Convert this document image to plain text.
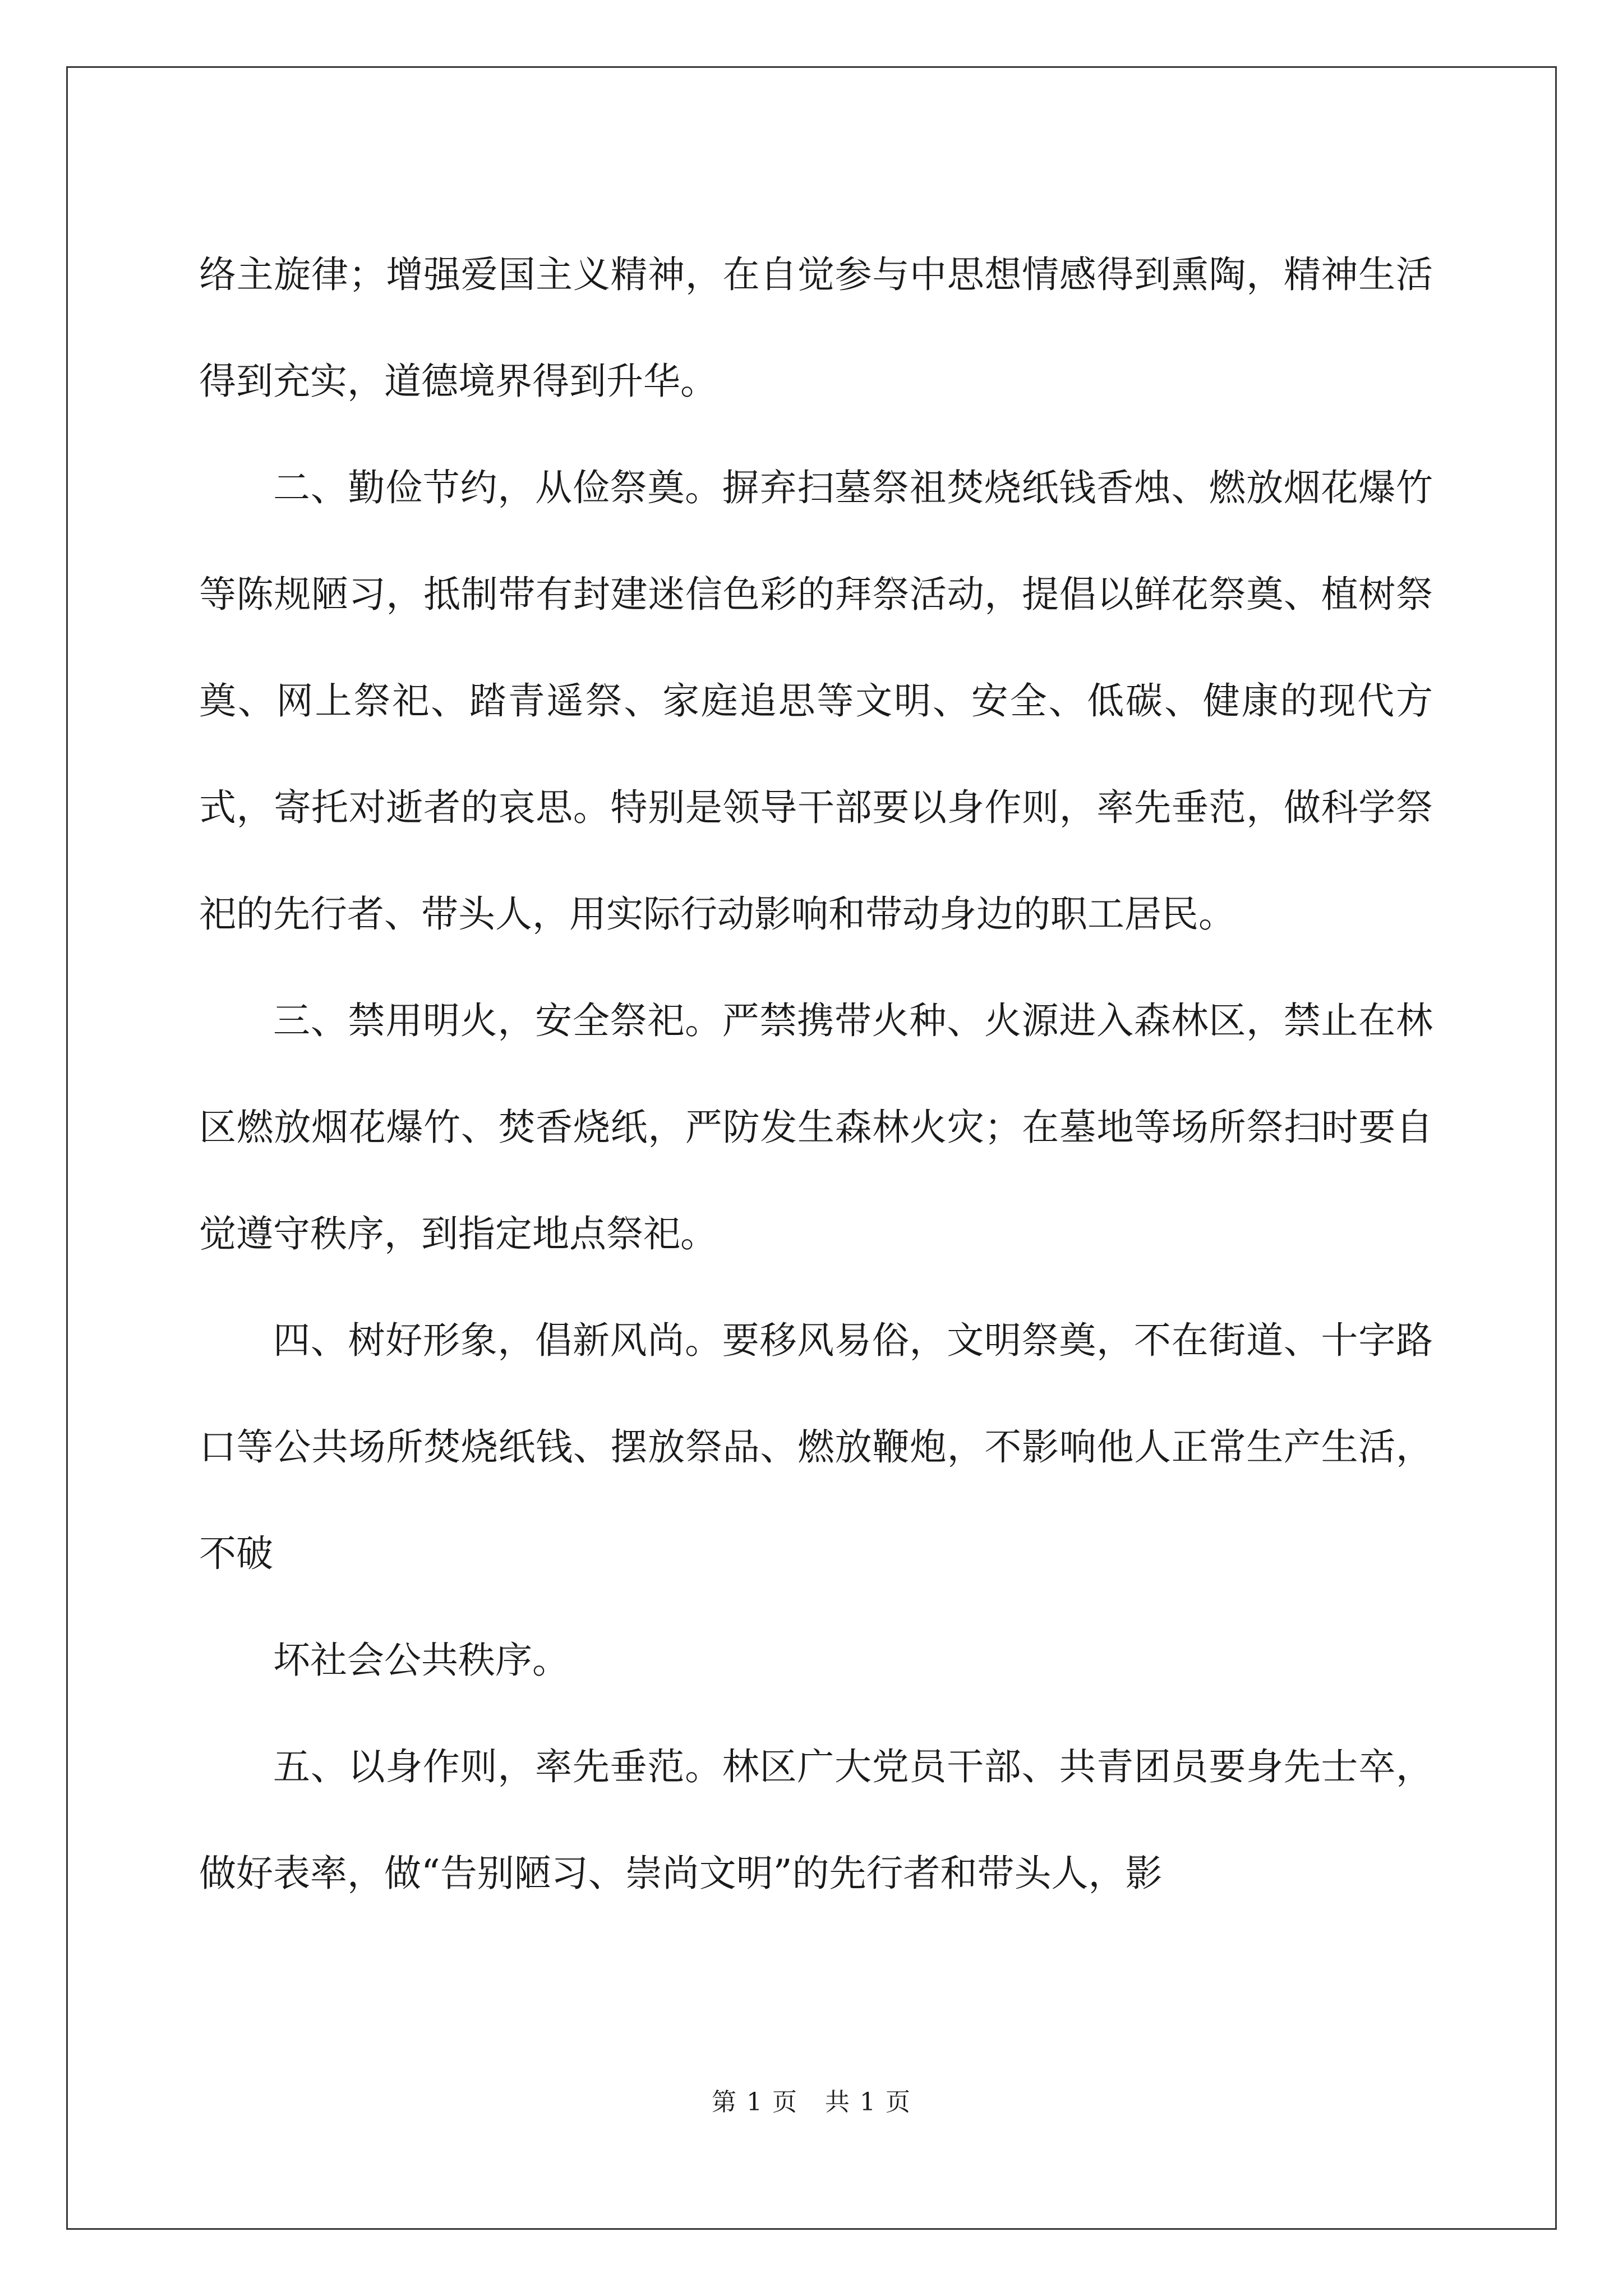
络主旋律；增强爱国主义精神，在自觉参与中思想情感得到熏陶，精神生活得到充实，道德境界得到升华。

二、勤俭节约，从俭祭奠。摒弃扫墓祭祖焚烧纸钱香烛、燃放烟花爆竹等陈规陋习，抵制带有封建迷信色彩的拜祭活动，提倡以鲜花祭奠、植树祭奠、网上祭祀、踏青遥祭、家庭追思等文明、安全、低碳、健康的现代方式，寄托对逝者的哀思。特别是领导干部要以身作则，率先垂范，做科学祭祀的先行者、带头人，用实际行动影响和带动身边的职工居民。

三、禁用明火，安全祭祀。严禁携带火种、火源进入森林区，禁止在林区燃放烟花爆竹、焚香烧纸，严防发生森林火灾；在墓地等场所祭扫时要自觉遵守秩序，到指定地点祭祀。

四、树好形象，倡新风尚。要移风易俗，文明祭奠，不在街道、十字路口等公共场所焚烧纸钱、摆放祭品、燃放鞭炮，不影响他人正常生产生活，不破

坏社会公共秩序。

五、以身作则，率先垂范。林区广大党员干部、共青团员要身先士卒，做好表率，做“告别陋习、崇尚文明”的先行者和带头人，影

第 1 页 共 1 页
